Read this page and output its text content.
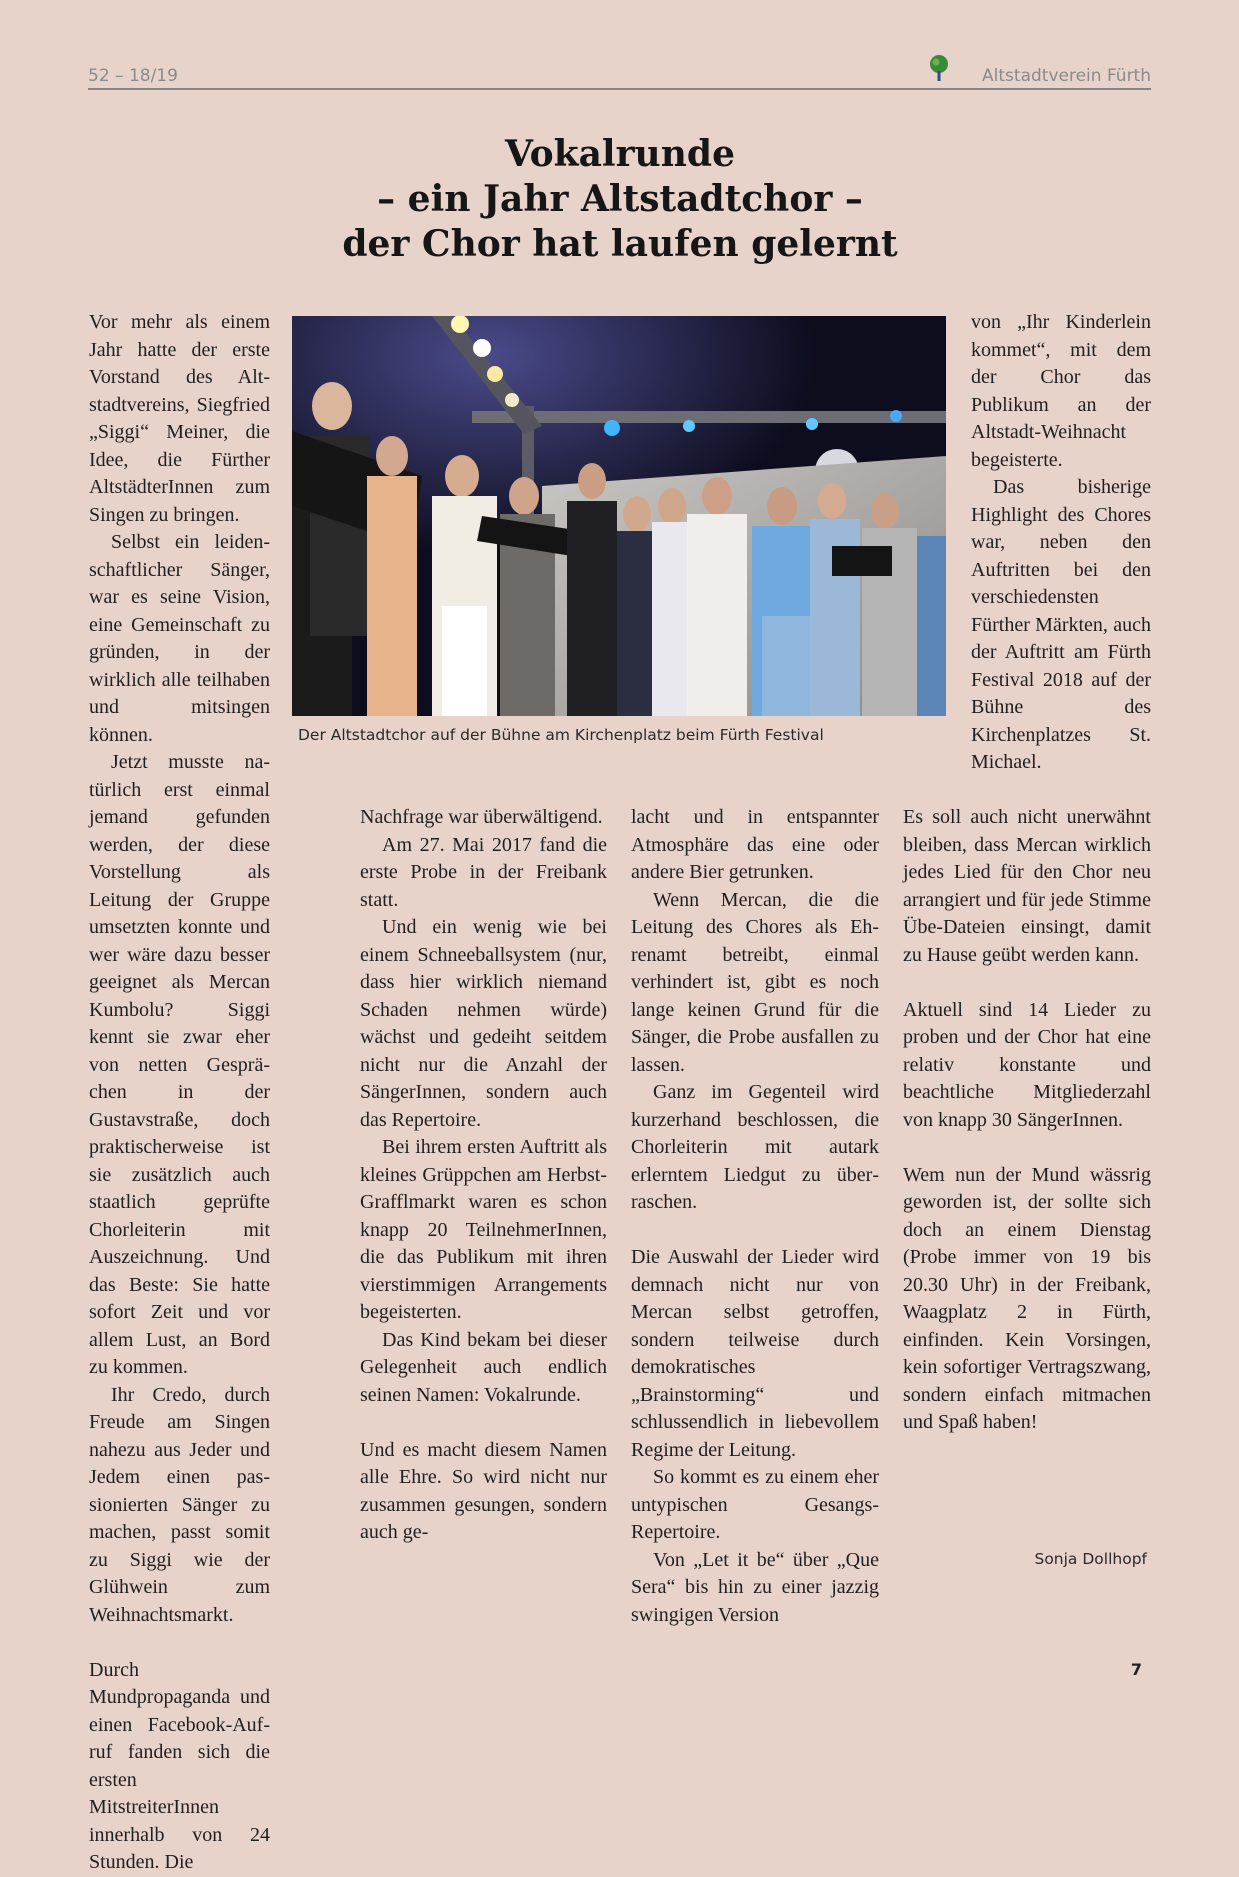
52 – 18/19	Altstadtverein Fürth
Vokalrunde
– ein Jahr Altstadtchor –
der Chor hat laufen gelernt

Vor mehr als einem Jahr hatte der erste Vorstand des Altstadtvereins, Siegfried „Siggi“ Meiner, die Idee, die Fürther AltstädterInnen zum Singen zu bringen.

Selbst ein leidenschaftlicher Sänger, war es seine Vision, eine Gemeinschaft zu gründen, in der wirklich alle teilhaben und mitsingen können.

Jetzt musste natürlich erst einmal jemand gefunden werden, der diese Vorstellung als Leitung der Gruppe umsetzten konnte und wer wäre dazu besser geeignet als Mercan Kumbolu? Siggi kennt sie zwar eher von netten Gesprächen in der Gustavstraße, doch praktischerweise ist sie zusätzlich auch staatlich geprüfte Chorleiterin mit Auszeichnung. Und das Beste: Sie hatte sofort Zeit und vor allem Lust, an Bord zu kommen.

Ihr Credo, durch Freude am Singen nahezu aus Jeder und Jedem einen passionierten Sänger zu machen, passt somit zu Siggi wie der Glühwein zum Weihnachtsmarkt.

Durch Mundpropaganda und einen Facebook-Aufruf fanden sich die ersten MitstreiterInnen innerhalb von 24 Stunden. Die

Der Altstadtchor auf der Bühne am Kirchenplatz beim Fürth Festival

Nachfrage war überwältigend.

Am 27. Mai 2017 fand die erste Probe in der Freibank statt.

Und ein wenig wie bei einem Schneeballsystem (nur, dass hier wirklich niemand Schaden nehmen würde) wächst und gedeiht seitdem nicht nur die Anzahl der SängerInnen, sondern auch das Repertoire.

Bei ihrem ersten Auftritt als kleines Grüppchen am Herbst-Grafflmarkt waren es schon knapp 20 TeilnehmerInnen, die das Publikum mit ihren vierstimmigen Arrangements begeisterten.

Das Kind bekam bei dieser Gelegenheit auch endlich seinen Namen: Vokalrunde.

Und es macht diesem Namen alle Ehre. So wird nicht nur zusammen gesungen, sondern auch ge-

lacht und in entspannter Atmosphäre das eine oder andere Bier getrunken.

Wenn Mercan, die die Leitung des Chores als Ehrenamt betreibt, einmal verhindert ist, gibt es noch lange keinen Grund für die Sänger, die Probe ausfallen zu lassen.

Ganz im Gegenteil wird kurzerhand beschlossen, die Chorleiterin mit autark erlerntem Liedgut zu überraschen.

Die Auswahl der Lieder wird demnach nicht nur von Mercan selbst getroffen, sondern teilweise durch demokratisches „Brainstorming“ und schlussendlich in liebevollem Regime der Leitung.

So kommt es zu einem eher untypischen Gesangs-Repertoire.

Von „Let it be“ über „Que Sera“ bis hin zu einer jazzig swingigen Version

von „Ihr Kinderlein kommet“, mit dem der Chor das Publikum an der Altstadt-Weihnacht begeisterte.

Das bisherige Highlight des Chores war, neben den Auftritten bei den verschiedensten Fürther Märkten, auch der Auftritt am Fürth Festival 2018 auf der Bühne des Kirchenplatzes St. Michael.

Es soll auch nicht unerwähnt bleiben, dass Mercan wirklich jedes Lied für den Chor neu arrangiert und für jede Stimme Übe-Dateien einsingt, damit zu Hause geübt werden kann.

Aktuell sind 14 Lieder zu proben und der Chor hat eine relativ konstante und beachtliche Mitgliederzahl von knapp 30 SängerInnen.

Wem nun der Mund wässrig geworden ist, der sollte sich doch an einem Dienstag (Probe immer von 19 bis 20.30 Uhr) in der Freibank, Waagplatz 2 in Fürth, einfinden. Kein Vorsingen, kein sofortiger Vertragszwang, sondern einfach mitmachen und Spaß haben!

Sonja Dollhopf
7
